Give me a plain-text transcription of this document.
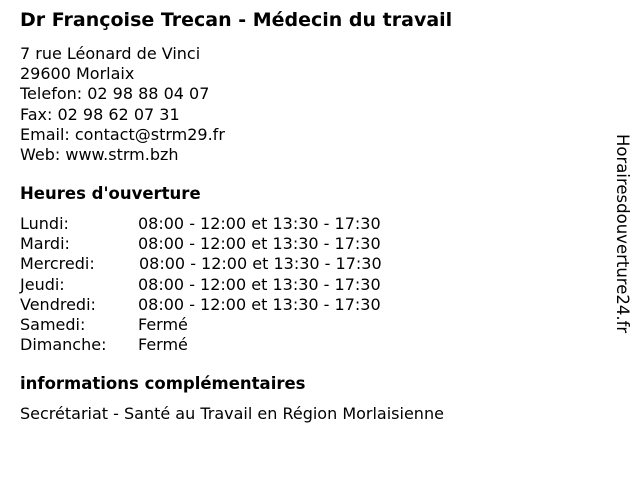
Dr Françoise Trecan - Médecin du travail
7 rue Léonard de Vinci
29600 Morlaix
Telefon: 02 98 88 04 07
Fax: 02 98 62 07 31
Email: contact@strm29.fr
Web: www.strm.bzh
Heures d'ouverture
Lundi:	08:00 - 12:00 et 13:30 - 17:30
Mardi:	08:00 - 12:00 et 13:30 - 17:30
Mercredi:	08:00 - 12:00 et 13:30 - 17:30
Jeudi:	08:00 - 12:00 et 13:30 - 17:30
Vendredi:	08:00 - 12:00 et 13:30 - 17:30
Samedi:	Fermé
Dimanche: Fermé
informations complémentaires
Secrétariat - Santé au Travail en Région Morlaisienne
Horairesdouverture24.fr
